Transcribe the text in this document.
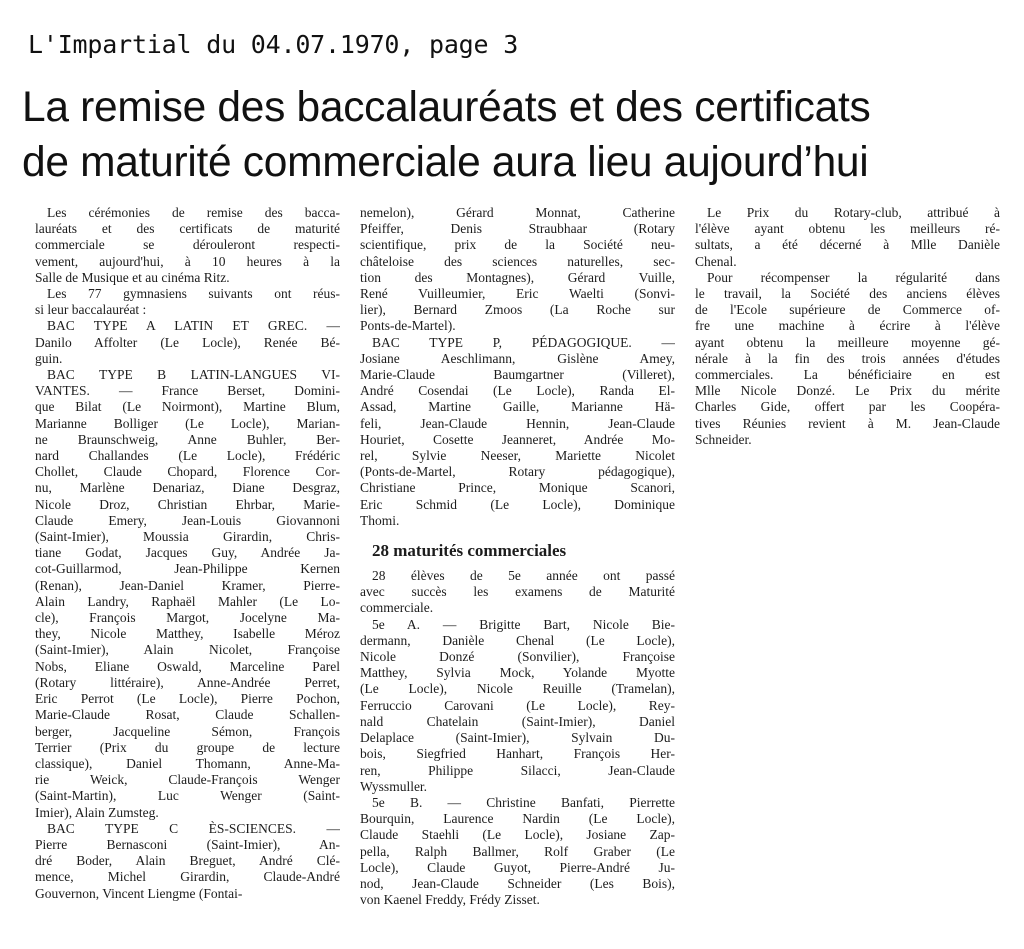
L'Impartial du 04.07.1970, page 3
La remise des baccalauréats et des certificats
de maturité commerciale aura lieu aujourd’hui
Les cérémonies de remise des bacca-
lauréats et des certificats de maturité
commerciale se dérouleront respecti-
vement, aujourd'hui, à 10 heures à la
Salle de Musique et au cinéma Ritz.
Les 77 gymnasiens suivants ont réus-
si leur baccalauréat :
BAC TYPE A LATIN ET GREC. —
Danilo Affolter (Le Locle), Renée Bé-
guin.
BAC TYPE B LATIN-LANGUES VI-
VANTES. — France Berset, Domini-
que Bilat (Le Noirmont), Martine Blum,
Marianne Bolliger (Le Locle), Marian-
ne Braunschweig, Anne Buhler, Ber-
nard Challandes (Le Locle), Frédéric
Chollet, Claude Chopard, Florence Cor-
nu, Marlène Denariaz, Diane Desgraz,
Nicole Droz, Christian Ehrbar, Marie-
Claude Emery, Jean-Louis Giovannoni
(Saint-Imier), Moussia Girardin, Chris-
tiane Godat, Jacques Guy, Andrée Ja-
cot-Guillarmod, Jean-Philippe Kernen
(Renan), Jean-Daniel Kramer, Pierre-
Alain Landry, Raphaël Mahler (Le Lo-
cle), François Margot, Jocelyne Ma-
they, Nicole Matthey, Isabelle Méroz
(Saint-Imier), Alain Nicolet, Françoise
Nobs, Eliane Oswald, Marceline Parel
(Rotary littéraire), Anne-Andrée Perret,
Eric Perrot (Le Locle), Pierre Pochon,
Marie-Claude Rosat, Claude Schallen-
berger, Jacqueline Sémon, François
Terrier (Prix du groupe de lecture
classique), Daniel Thomann, Anne-Ma-
rie Weick, Claude-François Wenger
(Saint-Martin), Luc Wenger (Saint-
Imier), Alain Zumsteg.
BAC TYPE C ÈS-SCIENCES. —
Pierre Bernasconi (Saint-Imier), An-
dré Boder, Alain Breguet, André Clé-
mence, Michel Girardin, Claude-André
Gouvernon, Vincent Liengme (Fontai-
nemelon), Gérard Monnat, Catherine
Pfeiffer, Denis Straubhaar (Rotary
scientifique, prix de la Société neu-
châteloise des sciences naturelles, sec-
tion des Montagnes), Gérard Vuille,
René Vuilleumier, Eric Waelti (Sonvi-
lier), Bernard Zmoos (La Roche sur
Ponts-de-Martel).
BAC TYPE P, PÉDAGOGIQUE. —
Josiane Aeschlimann, Gislène Amey,
Marie-Claude Baumgartner (Villeret),
André Cosendai (Le Locle), Randa El-
Assad, Martine Gaille, Marianne Hä-
feli, Jean-Claude Hennin, Jean-Claude
Houriet, Cosette Jeanneret, Andrée Mo-
rel, Sylvie Neeser, Mariette Nicolet
(Ponts-de-Martel, Rotary pédagogique),
Christiane Prince, Monique Scanori,
Eric Schmid (Le Locle), Dominique
Thomi.
28 maturités commerciales
28 élèves de 5e année ont passé
avec succès les examens de Maturité
commerciale.
5e A. — Brigitte Bart, Nicole Bie-
dermann, Danièle Chenal (Le Locle),
Nicole Donzé (Sonvilier), Françoise
Matthey, Sylvia Mock, Yolande Myotte
(Le Locle), Nicole Reuille (Tramelan),
Ferruccio Carovani (Le Locle), Rey-
nald Chatelain (Saint-Imier), Daniel
Delaplace (Saint-Imier), Sylvain Du-
bois, Siegfried Hanhart, François Her-
ren, Philippe Silacci, Jean-Claude
Wyssmuller.
5e B. — Christine Banfati, Pierrette
Bourquin, Laurence Nardin (Le Locle),
Claude Staehli (Le Locle), Josiane Zap-
pella, Ralph Ballmer, Rolf Graber (Le
Locle), Claude Guyot, Pierre-André Ju-
nod, Jean-Claude Schneider (Les Bois),
von Kaenel Freddy, Frédy Zisset.
Le Prix du Rotary-club, attribué à
l'élève ayant obtenu les meilleurs ré-
sultats, a été décerné à Mlle Danièle
Chenal.
Pour récompenser la régularité dans
le travail, la Société des anciens élèves
de l'Ecole supérieure de Commerce of-
fre une machine à écrire à l'élève
ayant obtenu la meilleure moyenne gé-
nérale à la fin des trois années d'études
commerciales. La bénéficiaire en est
Mlle Nicole Donzé. Le Prix du mérite
Charles Gide, offert par les Coopéra-
tives Réunies revient à M. Jean-Claude
Schneider.
